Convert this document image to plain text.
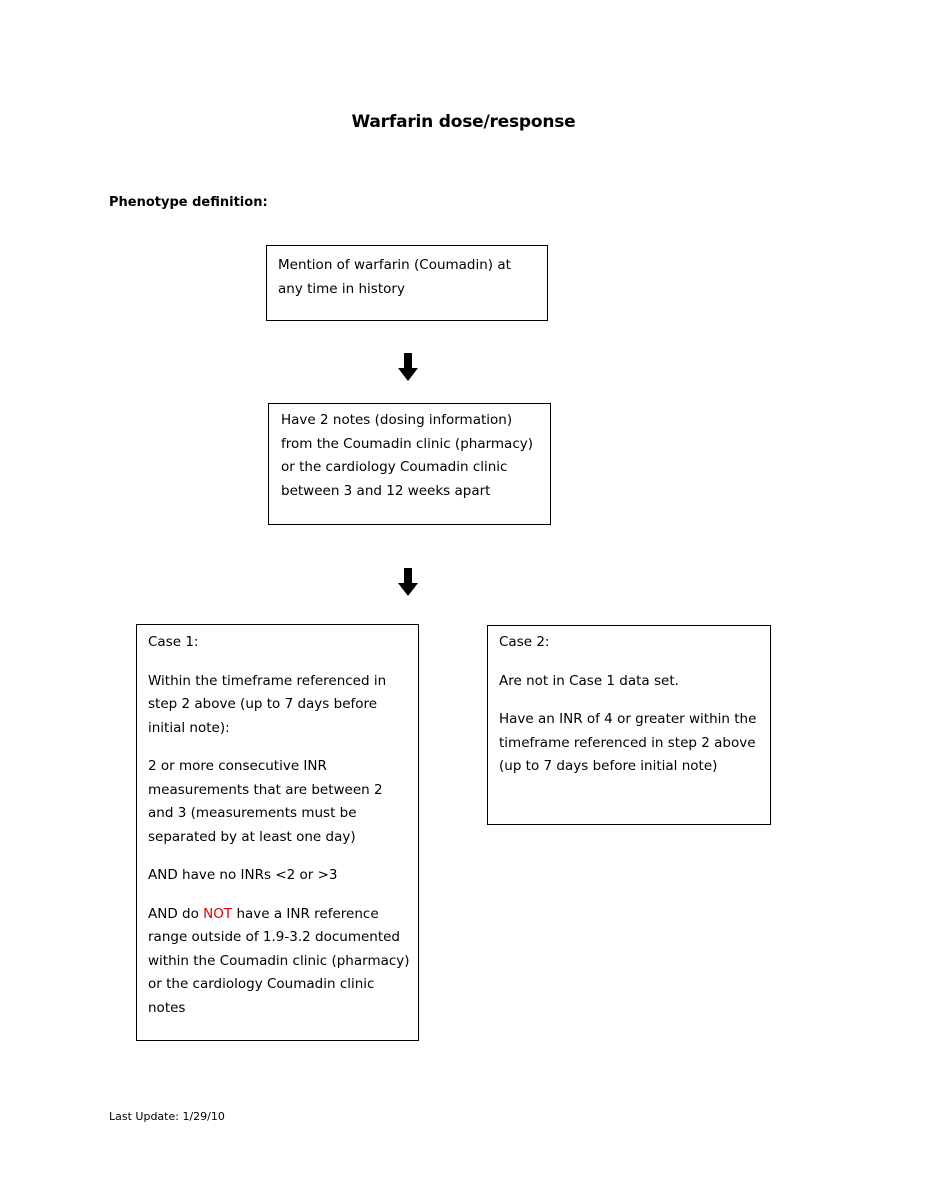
Warfarin dose/response
Phenotype definition:

Mention of warfarin (Coumadin) at any time in history

Have 2 notes (dosing information) from the Coumadin clinic (pharmacy) or the cardiology Coumadin clinic between 3 and 12 weeks apart

Case 1:

Within the timeframe referenced in step 2 above (up to 7 days before initial note):

2 or more consecutive INR measurements that are between 2 and 3 (measurements must be separated by at least one day)

AND have no INRs <2 or >3

AND do NOT have a INR reference range outside of 1.9-3.2 documented within the Coumadin clinic (pharmacy) or the cardiology Coumadin clinic notes

Case 2:

Are not in Case 1 data set.

Have an INR of 4 or greater within the timeframe referenced in step 2 above (up to 7 days before initial note)

Last Update: 1/29/10
